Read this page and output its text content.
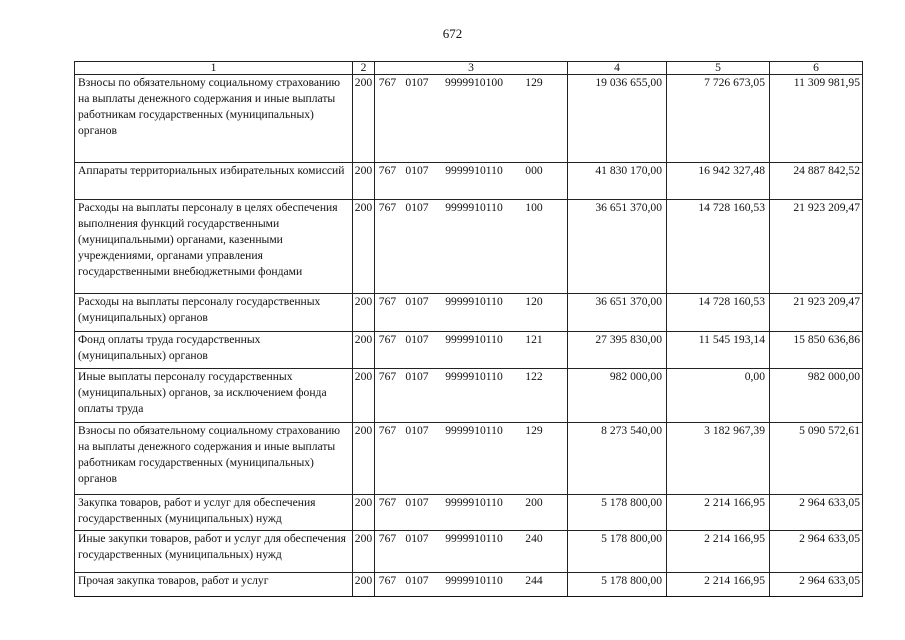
672
1	2	3	4	5	6
Взносы по обязательному социальному страхованию на выплаты денежного содержания и иные выплаты работникам государственных (муниципальных) органов	200	767 0107 9999910100 129	19 036 655,00	7 726 673,05	11 309 981,95
Аппараты территориальных избирательных комиссий	200	767 0107 9999910110 000	41 830 170,00	16 942 327,48	24 887 842,52
Расходы на выплаты персоналу в целях обеспечения выполнения функций государственными (муниципальными) органами, казенными учреждениями, органами управления государственными внебюджетными фондами	200	767 0107 9999910110 100	36 651 370,00	14 728 160,53	21 923 209,47
Расходы на выплаты персоналу государственных (муниципальных) органов	200	767 0107 9999910110 120	36 651 370,00	14 728 160,53	21 923 209,47
Фонд оплаты труда государственных (муниципальных) органов	200	767 0107 9999910110 121	27 395 830,00	11 545 193,14	15 850 636,86
Иные выплаты персоналу государственных (муниципальных) органов, за исключением фонда оплаты труда	200	767 0107 9999910110 122	982 000,00	0,00	982 000,00
Взносы по обязательному социальному страхованию на выплаты денежного содержания и иные выплаты работникам государственных (муниципальных) органов	200	767 0107 9999910110 129	8 273 540,00	3 182 967,39	5 090 572,61
Закупка товаров, работ и услуг для обеспечения государственных (муниципальных) нужд	200	767 0107 9999910110 200	5 178 800,00	2 214 166,95	2 964 633,05
Иные закупки товаров, работ и услуг для обеспечения государственных (муниципальных) нужд	200	767 0107 9999910110 240	5 178 800,00	2 214 166,95	2 964 633,05
Прочая закупка товаров, работ и услуг	200	767 0107 9999910110 244	5 178 800,00	2 214 166,95	2 964 633,05
